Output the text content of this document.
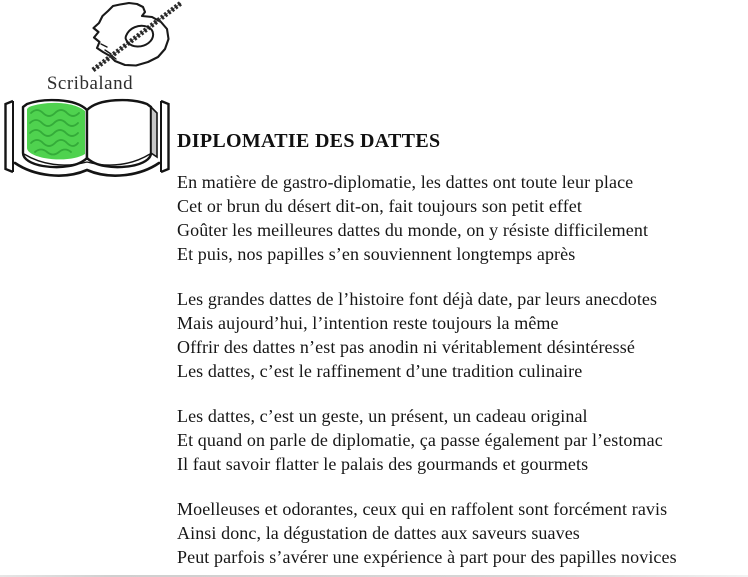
Scribaland
DIPLOMATIE DES DATTES
En matière de gastro-diplomatie, les dattes ont toute leur place
Cet or brun du désert dit-on, fait toujours son petit effet
Goûter les meilleures dattes du monde, on y résiste difficilement
Et puis, nos papilles s’en souviennent longtemps après
Les grandes dattes de l’histoire font déjà date, par leurs anecdotes
Mais aujourd’hui, l’intention reste toujours la même
Offrir des dattes n’est pas anodin ni véritablement désintéressé
Les dattes, c’est le raffinement d’une tradition culinaire
Les dattes, c’est un geste, un présent, un cadeau original
Et quand on parle de diplomatie, ça passe également par l’estomac
Il faut savoir flatter le palais des gourmands et gourmets
Moelleuses et odorantes, ceux qui en raffolent sont forcément ravis
Ainsi donc, la dégustation de dattes aux saveurs suaves
Peut parfois s’avérer une expérience à part pour des papilles novices
